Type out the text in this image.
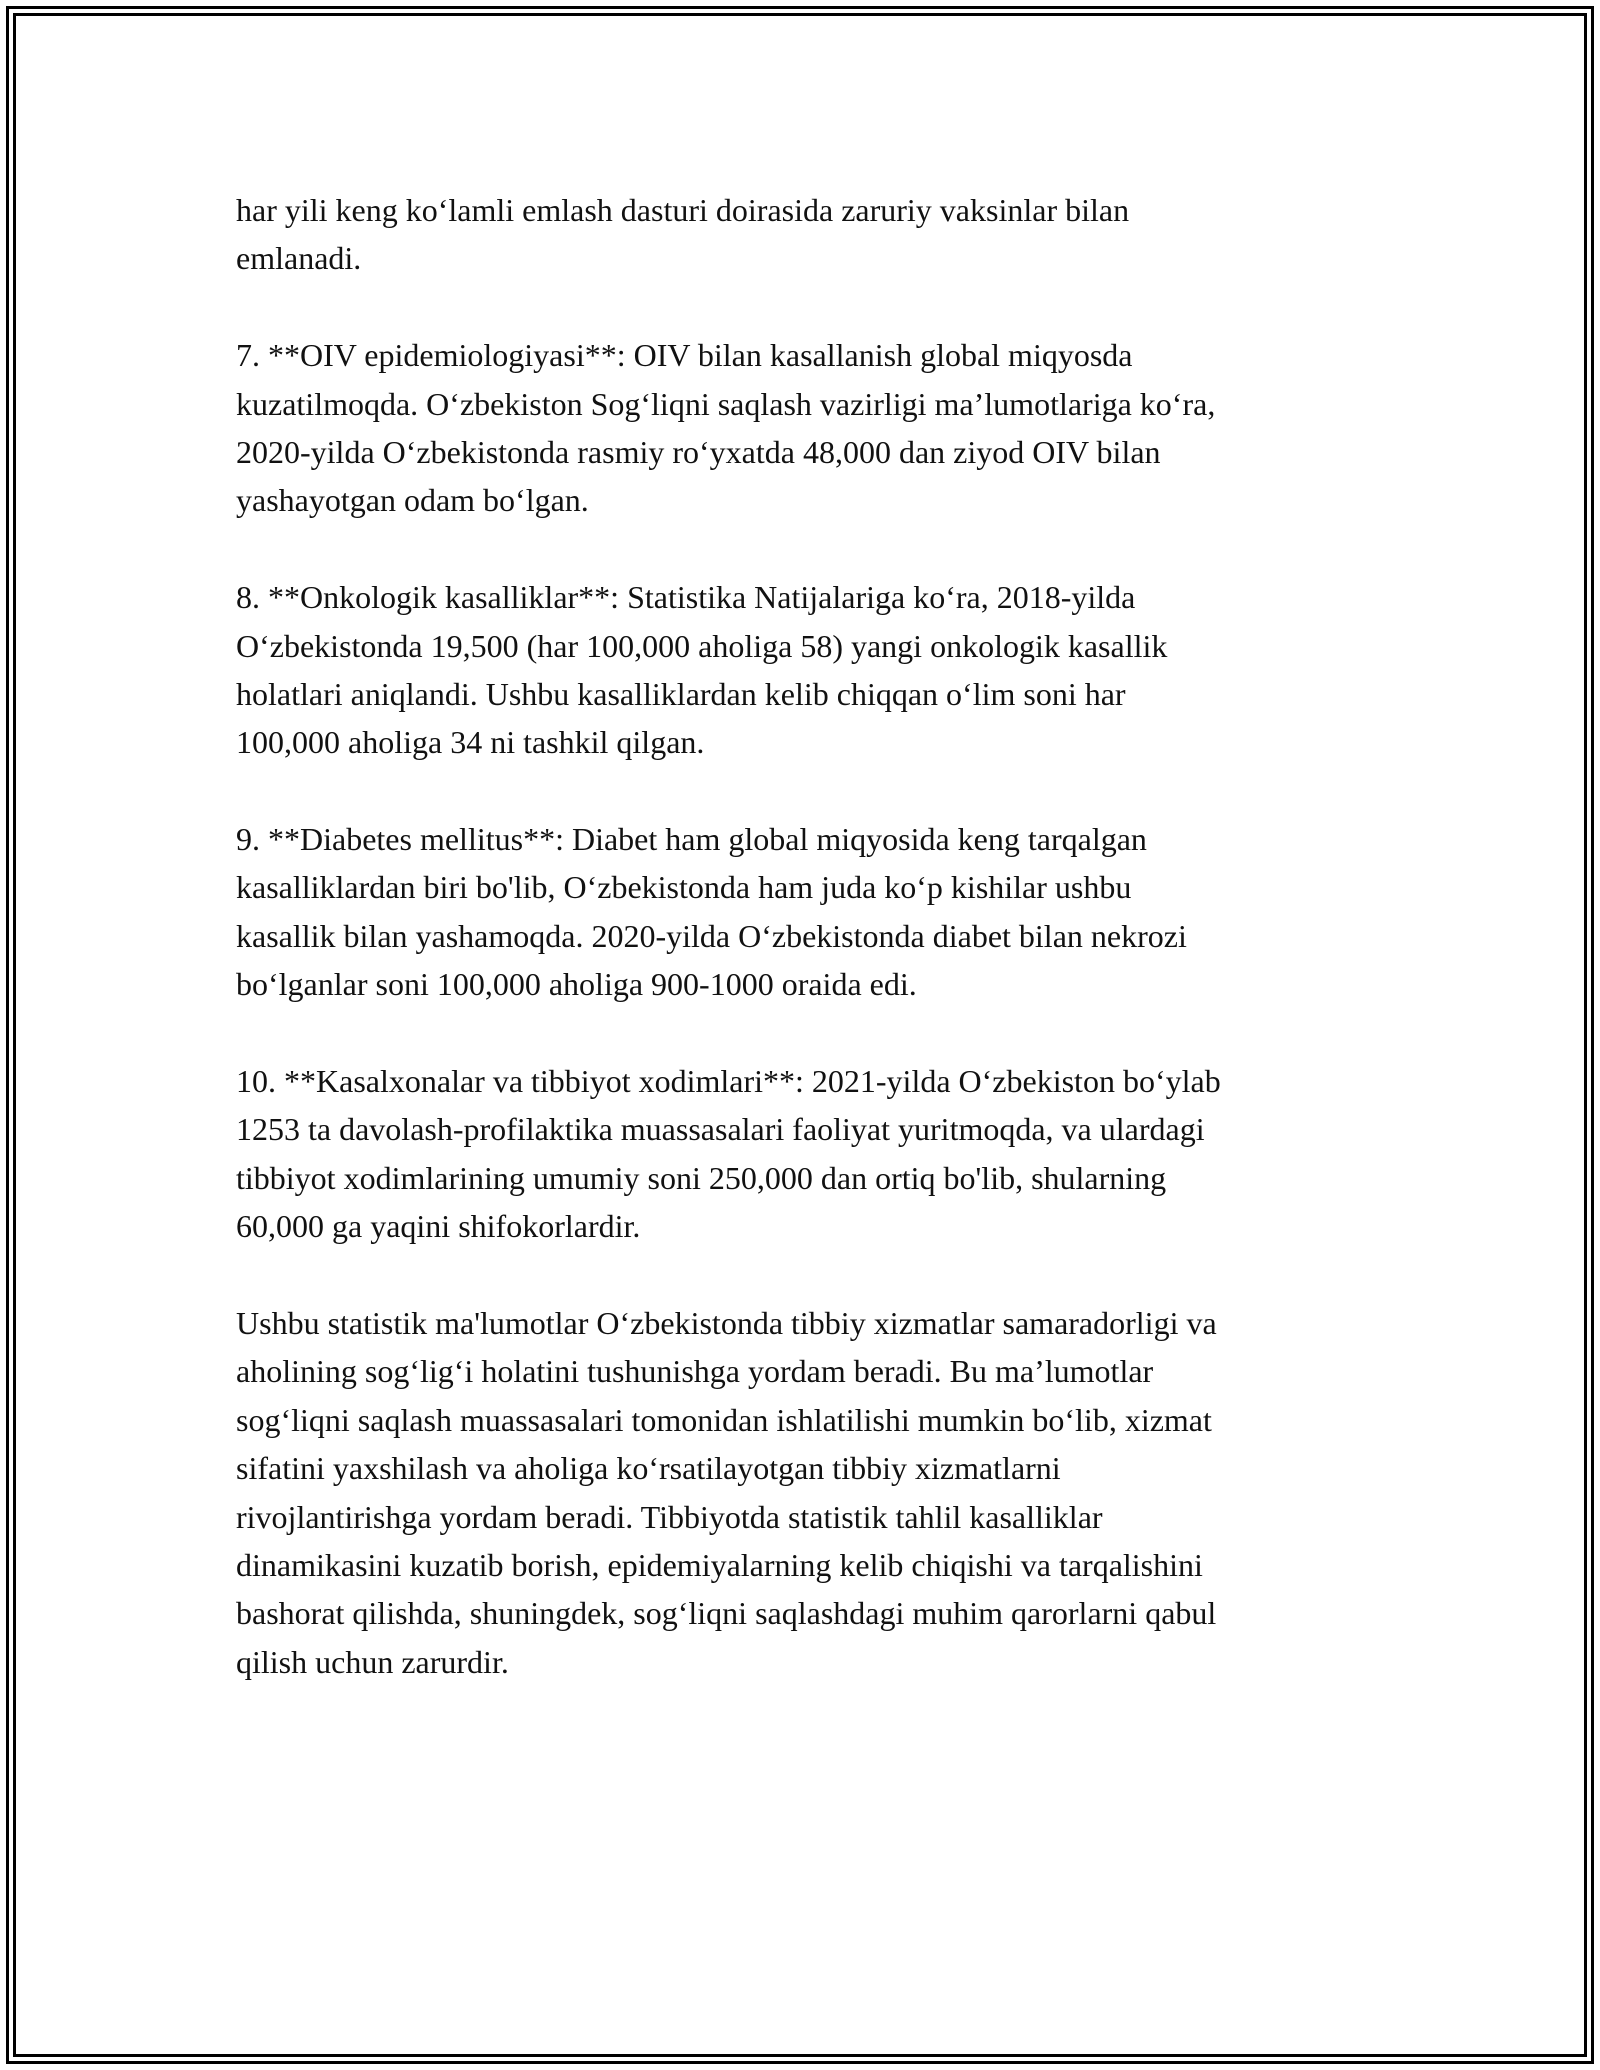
har yili keng ko‘lamli emlash dasturi doirasida zaruriy vaksinlar bilan
emlanadi.
7. **OIV epidemiologiyasi**: OIV bilan kasallanish global miqyosda
kuzatilmoqda. O‘zbekiston Sog‘liqni saqlash vazirligi ma’lumotlariga ko‘ra,
2020-yilda O‘zbekistonda rasmiy ro‘yxatda 48,000 dan ziyod OIV bilan
yashayotgan odam bo‘lgan.
8. **Onkologik kasalliklar**: Statistika Natijalariga ko‘ra, 2018-yilda
O‘zbekistonda 19,500 (har 100,000 aholiga 58) yangi onkologik kasallik
holatlari aniqlandi. Ushbu kasalliklardan kelib chiqqan o‘lim soni har
100,000 aholiga 34 ni tashkil qilgan.
9. **Diabetes mellitus**: Diabet ham global miqyosida keng tarqalgan
kasalliklardan biri bo'lib, O‘zbekistonda ham juda ko‘p kishilar ushbu
kasallik bilan yashamoqda. 2020-yilda O‘zbekistonda diabet bilan nekrozi
bo‘lganlar soni 100,000 aholiga 900-1000 oraida edi.
10. **Kasalxonalar va tibbiyot xodimlari**: 2021-yilda O‘zbekiston bo‘ylab
1253 ta davolash-profilaktika muassasalari faoliyat yuritmoqda, va ulardagi
tibbiyot xodimlarining umumiy soni 250,000 dan ortiq bo'lib, shularning
60,000 ga yaqini shifokorlardir.
Ushbu statistik ma'lumotlar O‘zbekistonda tibbiy xizmatlar samaradorligi va
aholining sog‘lig‘i holatini tushunishga yordam beradi. Bu ma’lumotlar
sog‘liqni saqlash muassasalari tomonidan ishlatilishi mumkin bo‘lib, xizmat
sifatini yaxshilash va aholiga ko‘rsatilayotgan tibbiy xizmatlarni
rivojlantirishga yordam beradi. Tibbiyotda statistik tahlil kasalliklar
dinamikasini kuzatib borish, epidemiyalarning kelib chiqishi va tarqalishini
bashorat qilishda, shuningdek, sog‘liqni saqlashdagi muhim qarorlarni qabul
qilish uchun zarurdir.
